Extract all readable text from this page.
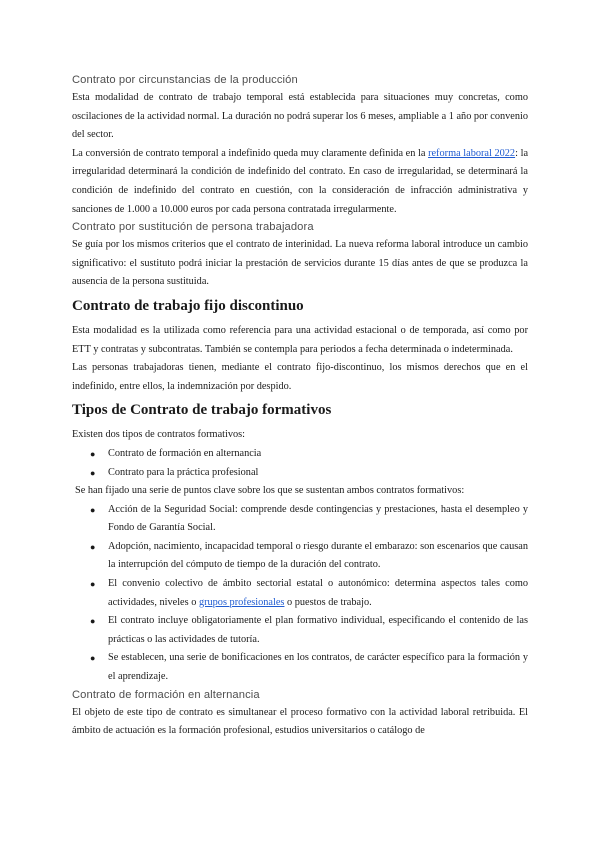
Contrato por circunstancias de la producción

Esta modalidad de contrato de trabajo temporal está establecida para situaciones muy concretas, como oscilaciones de la actividad normal. La duración no podrá superar los 6 meses, ampliable a 1 año por convenio del sector.

La conversión de contrato temporal a indefinido queda muy claramente definida en la reforma laboral 2022: la irregularidad determinará la condición de indefinido del contrato. En caso de irregularidad, se determinará la condición de indefinido del contrato en cuestión, con la consideración de infracción administrativa y sanciones de 1.000 a 10.000 euros por cada persona contratada irregularmente.

Contrato por sustitución de persona trabajadora

Se guía por los mismos criterios que el contrato de interinidad. La nueva reforma laboral introduce un cambio significativo: el sustituto podrá iniciar la prestación de servicios durante 15 días antes de que se produzca la ausencia de la persona sustituida.

Contrato de trabajo fijo discontinuo

Esta modalidad es la utilizada como referencia para una actividad estacional o de temporada, así como por ETT y contratas y subcontratas. También se contempla para periodos a fecha determinada o indeterminada.

Las personas trabajadoras tienen, mediante el contrato fijo-discontinuo, los mismos derechos que en el indefinido, entre ellos, la indemnización por despido.

Tipos de Contrato de trabajo formativos

Existen dos tipos de contratos formativos:

● Contrato de formación en alternancia
● Contrato para la práctica profesional

Se han fijado una serie de puntos clave sobre los que se sustentan ambos contratos formativos:

● Acción de la Seguridad Social: comprende desde contingencias y prestaciones, hasta el desempleo y Fondo de Garantía Social.
● Adopción, nacimiento, incapacidad temporal o riesgo durante el embarazo: son escenarios que causan la interrupción del cómputo de tiempo de la duración del contrato.
● El convenio colectivo de ámbito sectorial estatal o autonómico: determina aspectos tales como actividades, niveles o grupos profesionales o puestos de trabajo.
● El contrato incluye obligatoriamente el plan formativo individual, especificando el contenido de las prácticas o las actividades de tutoría.
● Se establecen, una serie de bonificaciones en los contratos, de carácter específico para la formación y el aprendizaje.
Contrato de formación en alternancia

El objeto de este tipo de contrato es simultanear el proceso formativo con la actividad laboral retribuida. El ámbito de actuación es la formación profesional, estudios universitarios o catálogo de
